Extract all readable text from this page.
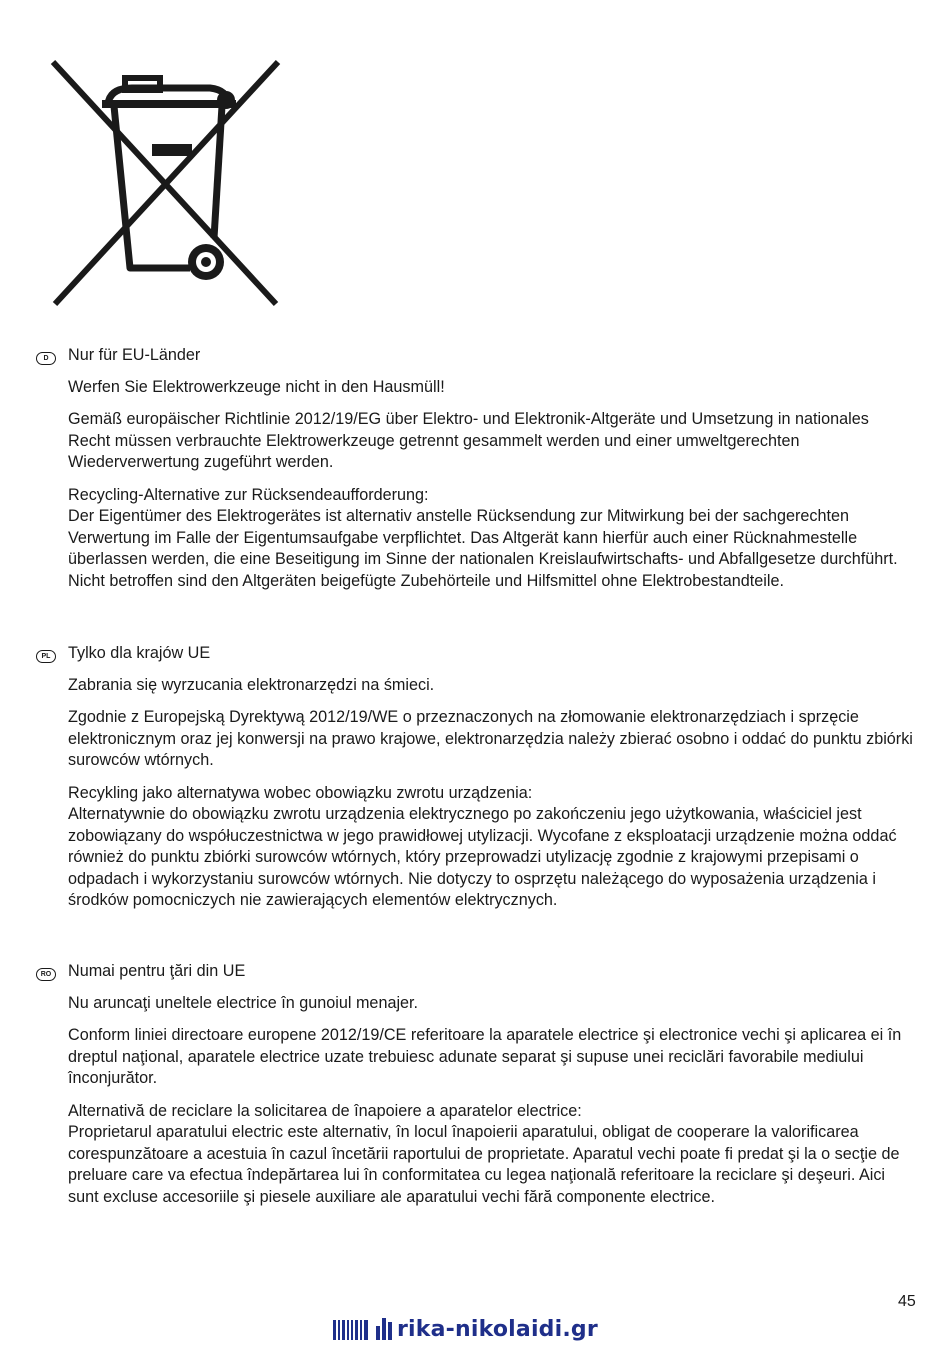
D	Nur für EU-Länder

Werfen Sie Elektrowerkzeuge nicht in den Hausmüll!

Gemäß europäischer Richtlinie 2012/19/EG über Elektro- und Elektronik-Altgeräte und Umsetzung in nationales Recht müssen verbrauchte Elektrowerkzeuge getrennt gesammelt werden und einer umweltgerechten Wiederverwertung zugeführt werden.

Recycling-Alternative zur Rücksendeaufforderung:

Der Eigentümer des Elektrogerätes ist alternativ anstelle Rücksendung zur Mitwirkung bei der sachgerechten Verwertung im Falle der Eigentumsaufgabe verpflichtet. Das Altgerät kann hierfür auch einer Rücknahmestelle überlassen werden, die eine Beseitigung im Sinne der nationalen Kreislaufwirtschafts- und Abfallgesetze durchführt. Nicht betroffen sind den Altgeräten beigefügte Zubehörteile und Hilfsmittel ohne Elektrobestandteile.

PL	Tylko dla krajów UE

Zabrania się wyrzucania elektronarzędzi na śmieci.

Zgodnie z Europejską Dyrektywą 2012/19/WE o przeznaczonych na złomowanie elektronarzędziach i sprzęcie elektronicznym oraz jej konwersji na prawo krajowe, elektronarzędzia należy zbierać osobno i oddać do punktu zbiórki surowców wtórnych.

Recykling jako alternatywa wobec obowiązku zwrotu urządzenia:

Alternatywnie do obowiązku zwrotu urządzenia elektrycznego po zakończeniu jego użytkowania, właściciel jest zobowiązany do współuczestnictwa w jego prawidłowej utylizacji. Wycofane z eksploatacji urządzenie można oddać również do punktu zbiórki surowców wtórnych, który przeprowadzi utylizację zgodnie z krajowymi przepisami o odpadach i wykorzystaniu surowców wtórnych. Nie dotyczy to osprzętu należącego do wyposażenia urządzenia i środków pomocniczych nie zawierających elementów elektrycznych.

RO Numai pentru ţări din UE

Nu aruncaţi uneltele electrice în gunoiul menajer.

Conform liniei directoare europene 2012/19/CE referitoare la aparatele electrice şi electronice vechi şi aplicarea ei în dreptul naţional, aparatele electrice uzate trebuiesc adunate separat şi supuse unei reciclări favorabile mediului înconjurător.

Alternativă de reciclare la solicitarea de înapoiere a aparatelor electrice:

Proprietarul aparatului electric este alternativ, în locul înapoierii aparatului, obligat de cooperare la valorificarea corespunzătoare a acestuia în cazul încetării raportului de proprietate. Aparatul vechi poate fi predat şi la o secţie de preluare care va efectua îndepărtarea lui în conformitatea cu legea naţională referitoare la reciclare şi deşeuri. Aici sunt excluse accesoriile şi piesele auxiliare ale aparatului vechi fără componente electrice.

45
rika-nikolaidi.gr
